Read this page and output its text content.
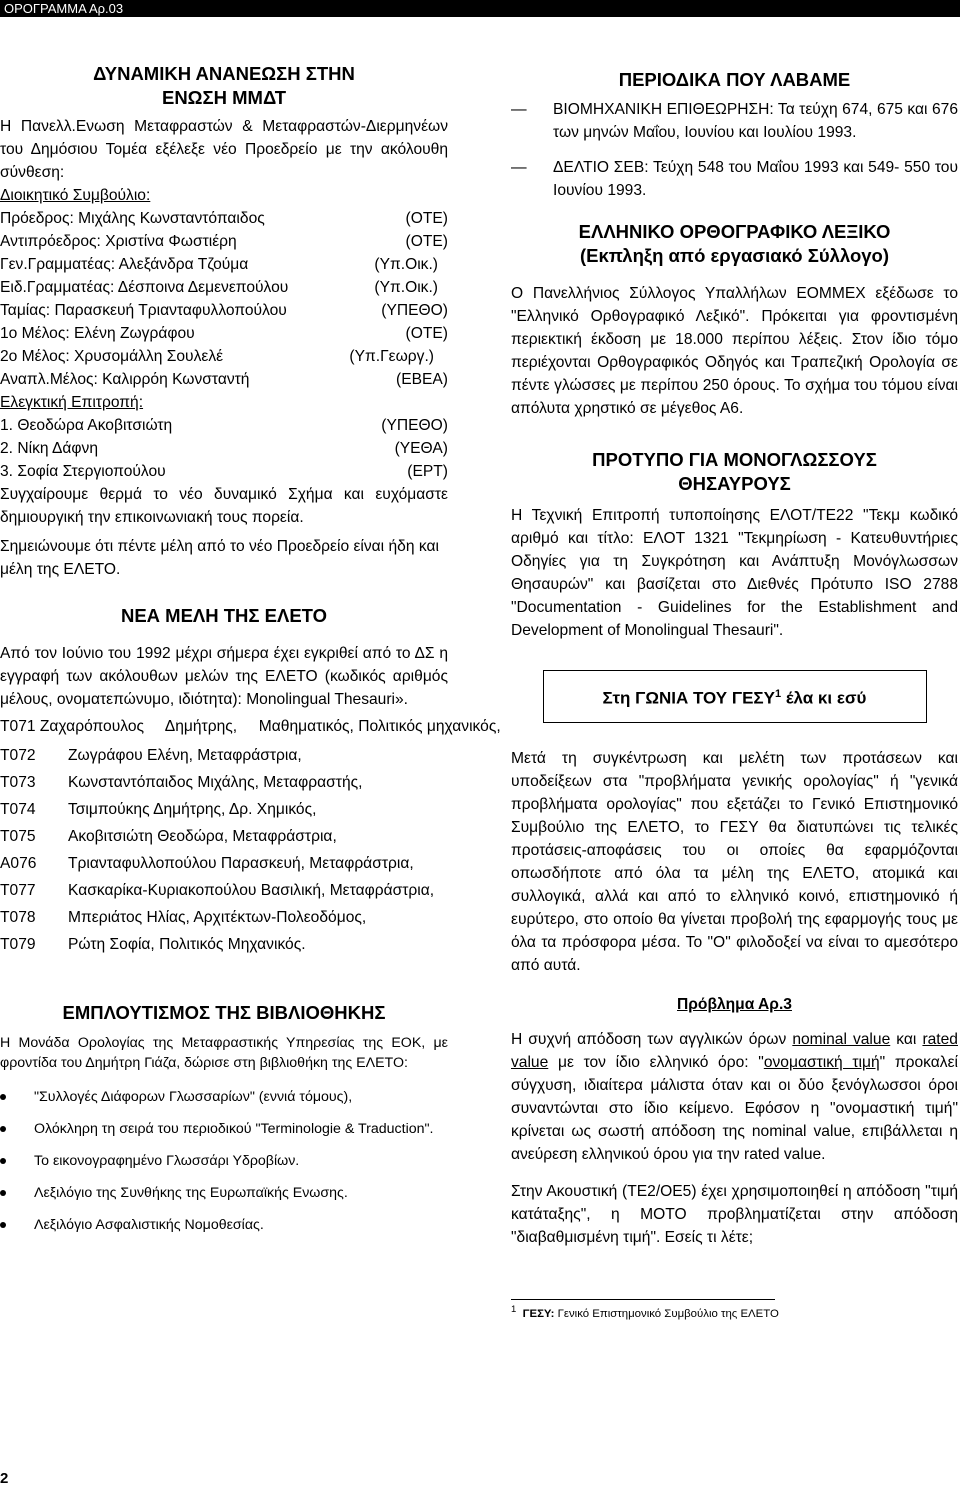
ΟΡΟΓΡΑΜΜΑ Αρ.03

ΔΥΝΑΜΙΚΗ ΑΝΑΝΕΩΣΗ ΣΤΗΝ

ΕΝΩΣΗ ΜΜΔΤ

Η Πανελλ.Ενωση Μεταφραστών & Μεταφραστών-Διερμηνέων του Δημόσιου Τομέα εξέλεξε νέο Προεδρείο με την ακόλουθη σύνθεση:

Διοικητικό Συμβούλιο:

Πρόεδρος: Μιχάλης Κωνσταντόπαιδος	(ΟΤΕ)
Αντιπρόεδρος: Χριστίνα Φωστιέρη	(ΟΤΕ)
Γεν.Γραμματέας: Αλεξάνδρα Τζούμα	(Υπ.Οικ.)
Ειδ.Γραμματέας: Δέσποινα Δεμενεπούλου	(Υπ.Οικ.)
Ταμίας: Παρασκευή Τριανταφυλλοπούλου	(ΥΠΕΘΟ)
1ο Μέλος: Ελένη Ζωγράφου	(ΟΤΕ)
2ο Μέλος: Χρυσομάλλη Σουλελέ	(Υπ.Γεωργ.)
Αναπλ.Μέλος: Καλιρρόη Κωνσταντή	(ΕΒΕΑ)

Ελεγκτική Επιτροπή:

1. Θεοδώρα Ακοβιτσιώτη	(ΥΠΕΘΟ)
2. Νίκη Δάφνη	(ΥΕΘΑ)
3. Σοφία Στεργιοπούλου	(ΕΡΤ)

Συγχαίρουμε θερμά το νέο δυναμικό Σχήμα και ευχόμαστε δημιουργική την επικοινωνιακή τους πορεία.

Σημειώνουμε ότι πέντε μέλη από το νέο Προεδρείο είναι ήδη και μέλη της ΕΛΕΤΟ.

ΝΕΑ ΜΕΛΗ ΤΗΣ ΕΛΕΤΟ

Από τον Ιούνιο του 1992 μέχρι σήμερα έχει εγκριθεί από το ΔΣ η εγγραφή των ακόλουθων μελών της ΕΛΕΤΟ (κωδικός αριθμός μέλους, ονοματεπώνυμο, ιδιότητα): Monolingual Thesauri».

Τ071 Ζαχαρόπουλος     Δημήτρης,     Μαθηματικός, Πολιτικός μηχανικός,

Τ072	Ζωγράφου Ελένη, Μεταφράστρια,
Τ073	Κωνσταντόπαιδος Μιχάλης, Μεταφραστής,
Τ074	Τσιμπούκης Δημήτρης, Δρ. Χημικός,
Τ075	Ακοβιτσιώτη Θεοδώρα, Μεταφράστρια,
Α076	Τριανταφυλλοπούλου Παρασκευή, Μεταφράστρια,
Τ077	Κασκαρίκα-Κυριακοπούλου Βασιλική, Μεταφράστρια,
Τ078	Μπεριάτος Ηλίας, Αρχιτέκτων-Πολεοδόμος,
Τ079	Ρώτη Σοφία, Πολιτικός Μηχανικός.

ΕΜΠΛΟΥΤΙΣΜΟΣ ΤΗΣ ΒΙΒΛΙΟΘΗΚΗΣ

Η Μονάδα Ορολογίας της Μεταφραστικής Υπηρεσίας της ΕΟΚ, με φροντίδα του Δημήτρη Γιάζα, δώρισε στη βιβλιοθήκη της ΕΛΕΤΟ:

"Συλλογές Διάφορων Γλωσσαρίων" (εννιά τόμους),
Ολόκληρη τη σειρά του περιοδικού "Terminologie & Traduction".
Το εικονογραφημένο Γλωσσάρι Υδροβίων.
Λεξιλόγιο της Συνθήκης της Ευρωπαϊκής Ενωσης.
Λεξιλόγιο Ασφαλιστικής Νομοθεσίας.

ΠΕΡΙΟΔΙΚΑ ΠΟΥ ΛΑΒΑΜΕ

— ΒΙΟΜΗΧΑΝΙΚΗ ΕΠΙΘΕΩΡΗΣΗ: Τα τεύχη 674, 675 και 676 των μηνών Μαΐου, Ιουνίου και Ιουλίου 1993.
— ΔΕΛΤΙΟ ΣΕΒ: Τεύχη 548 του Μαΐου 1993 και 549- 550 του Ιουνίου 1993.

ΕΛΛΗΝΙΚΟ ΟΡΘΟΓΡΑΦΙΚΟ ΛΕΞΙΚΟ

(Εκπληξη από εργασιακό Σύλλογο)

Ο Πανελλήνιος Σύλλογος Υπαλλήλων ΕΟΜΜΕΧ εξέδωσε το "Ελληνικό Ορθογραφικό Λεξικό". Πρόκειται για φροντισμένη περιεκτική έκδοση με 18.000 περίπου λέξεις. Στον ίδιο τόμο περιέχονται Ορθογραφικός Οδηγός και Τραπεζική Ορολογία σε πέντε γλώσσες με περίπου 250 όρους. Το σχήμα του τόμου είναι απόλυτα χρηστικό σε μέγεθος Α6.

ΠΡΟΤΥΠΟ ΓΙΑ ΜΟΝΟΓΛΩΣΣΟΥΣ

ΘΗΣΑΥΡΟΥΣ

Η Τεχνική Επιτροπή τυποποίησης ΕΛΟΤ/ΤΕ22 "Τεκμ κωδικό αριθμό και τίτλο: ΕΛΟΤ 1321 "Τεκμηρίωση - Κατευθυντήριες Οδηγίες για τη Συγκρότηση και Ανάπτυξη Μονόγλωσσων Θησαυρών" και βασίζεται στο Διεθνές Πρότυπο ISO 2788 "Documentation - Guidelines for the Establishment and Development of Monolingual Thesauri".

Στη ΓΩΝΙΑ ΤΟΥ ΓΕΣΥ$^1$ έλα κι εσύ

Μετά τη συγκέντρωση και μελέτη των προτάσεων και υποδείξεων στα "προβλήματα γενικής ορολογίας" ή "γενικά προβλήματα ορολογίας" που εξετάζει το Γενικό Επιστημονικό Συμβούλιο της ΕΛΕΤΟ, το ΓΕΣΥ θα διατυπώνει τις τελικές προτάσεις-αποφάσεις του οι οποίες θα εφαρμόζονται οπωσδήποτε από όλα τα μέλη της ΕΛΕΤΟ, ατομικά και συλλογικά, αλλά και από το ελληνικό κοινό, επιστημονικό ή ευρύτερο, στο οποίο θα γίνεται προβολή της εφαρμογής τους με όλα τα πρόσφορα μέσα. Το "Ο" φιλοδοξεί να είναι το αμεσότερο από αυτά.

Πρόβλημα Αρ.3

Η συχνή απόδοση των αγγλικών όρων nominal value και rated value με τον ίδιο ελληνικό όρο: "ονομαστική τιμή" προκαλεί σύγχυση, ιδιαίτερα μάλιστα όταν και οι δύο ξενόγλωσσοι όροι συναντώνται στο ίδιο κείμενο. Εφόσον η "ονομαστική τιμή" κρίνεται ως σωστή απόδοση της nominal value, επιβάλλεται η ανεύρεση ελληνικού όρου για την rated value.

Στην Ακουστική (ΤΕ2/ΟΕ5) έχει χρησιμοποιηθεί η απόδοση "τιμή κατάταξης", η ΜΟΤΟ προβληματίζεται στην απόδοση "διαβαθμισμένη τιμή". Εσείς τι λέτε;

$^1$ ΓΕΣΥ: Γενικό Επιστημονικό Συμβούλιο της ΕΛΕΤΟ

2
